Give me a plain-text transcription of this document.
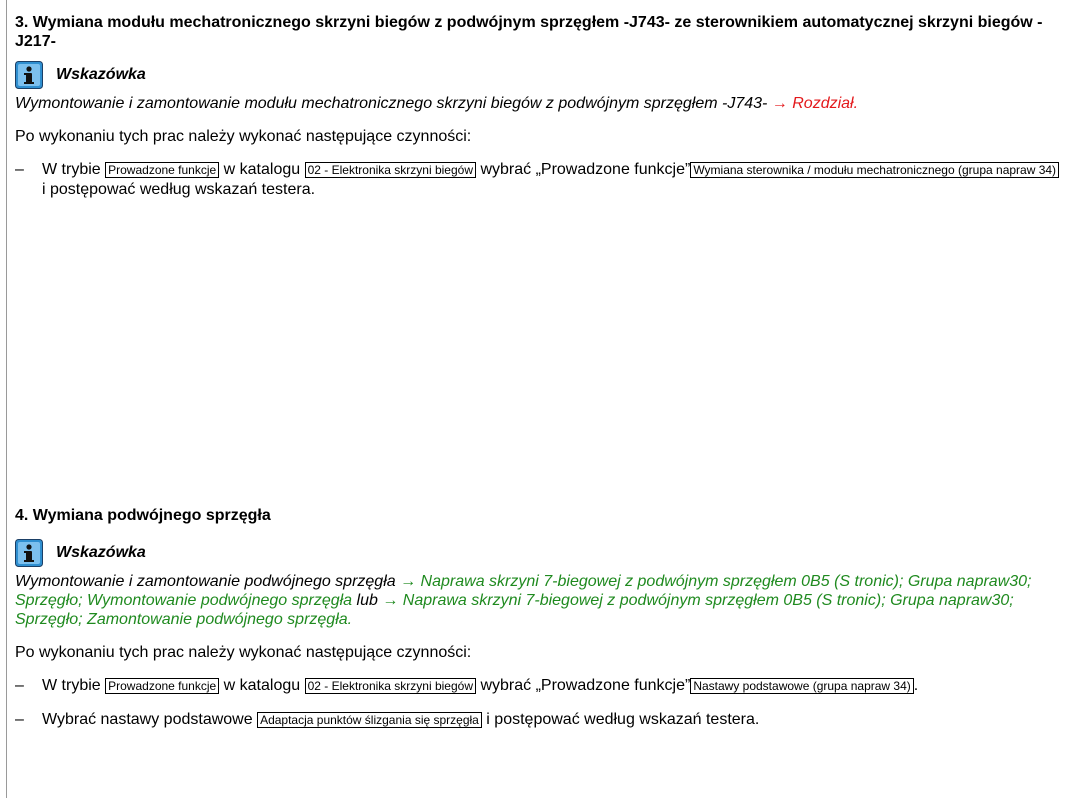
3. Wymiana modułu mechatronicznego skrzyni biegów z podwójnym sprzęgłem -J743- ze sterownikiem automatycznej skrzyni biegów -J217-
Wskazówka
Wymontowanie i zamontowanie modułu mechatronicznego skrzyni biegów z podwójnym sprzęgłem -J743- → Rozdział.
Po wykonaniu tych prac należy wykonać następujące czynności:
–	W trybie Prowadzone funkcje w katalogu 02 - Elektronika skrzyni biegów wybrać „Prowadzone funkcje” Wymiana sterownika / modułu mechatronicznego (grupa napraw 34) i postępować według wskazań testera.
4. Wymiana podwójnego sprzęgła
Wskazówka
Wymontowanie i zamontowanie podwójnego sprzęgła → Naprawa skrzyni 7-biegowej z podwójnym sprzęgłem 0B5 (S tronic); Grupa napraw30; Sprzęgło; Wymontowanie podwójnego sprzęgła lub → Naprawa skrzyni 7-biegowej z podwójnym sprzęgłem 0B5 (S tronic); Grupa napraw30; Sprzęgło; Zamontowanie podwójnego sprzęgła.
Po wykonaniu tych prac należy wykonać następujące czynności:
–	W trybie Prowadzone funkcje w katalogu 02 - Elektronika skrzyni biegów wybrać „Prowadzone funkcje” Nastawy podstawowe (grupa napraw 34) .
–	Wybrać nastawy podstawowe Adaptacja punktów ślizgania się sprzęgła i postępować według wskazań testera.
